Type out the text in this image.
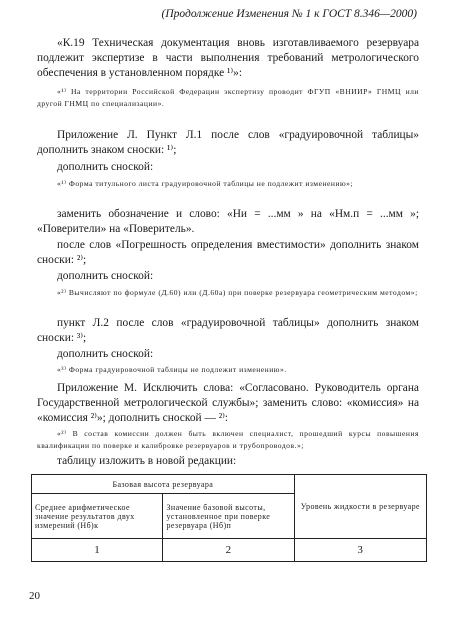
(Продолжение Изменения № 1 к ГОСТ 8.346—2000)
«К.19 Техническая документация вновь изготавливаемого резервуара подлежит экспертизе в части выполнения требований метрологического обеспечения в установленном порядке ¹⁾»:
«¹⁾ На территории Российской Федерации экспертизу проводит ФГУП «ВНИИР» ГНМЦ или другой ГНМЦ по специализации».
Приложение Л. Пункт Л.1 после слов «градуировочной таблицы» дополнить знаком сноски: ¹⁾;
дополнить сноской:
«¹⁾ Форма титульного листа градуировочной таблицы не подлежит изменению»;
заменить обозначение и слово: «Hи = ...мм » на «Hм.п = ...мм »; «Поверители» на «Поверитель».
после слов «Погрешность определения вместимости» дополнить знаком сноски: ²⁾;
дополнить сноской:
«²⁾ Вычисляют по формуле (Д.60) или (Д.60а) при поверке резервуара геометрическим методом»;
пункт Л.2 после слов «градуировочной таблицы» дополнить знаком сноски: ³⁾;
дополнить сноской:
«³⁾ Форма градуировочной таблицы не подлежит изменению».
Приложение М. Исключить слова: «Согласовано. Руководитель органа Государственной метрологической службы»; заменить слово: «комиссия» на «комиссия ²⁾»; дополнить сноской — ²⁾:
«²⁾ В состав комиссии должен быть включен специалист, прошедший курсы повышения квалификации по поверке и калибровке резервуаров и трубопроводов.»;
таблицу изложить в новой редакции:
Базовая высота резервуара		Уровень жидкости в резервуаре
Среднее арифметическое значение результатов двух измерений (Hб)к	Значение базовой высоты, установленное при поверке резервуара (Hб)п	
1	2	3
20
